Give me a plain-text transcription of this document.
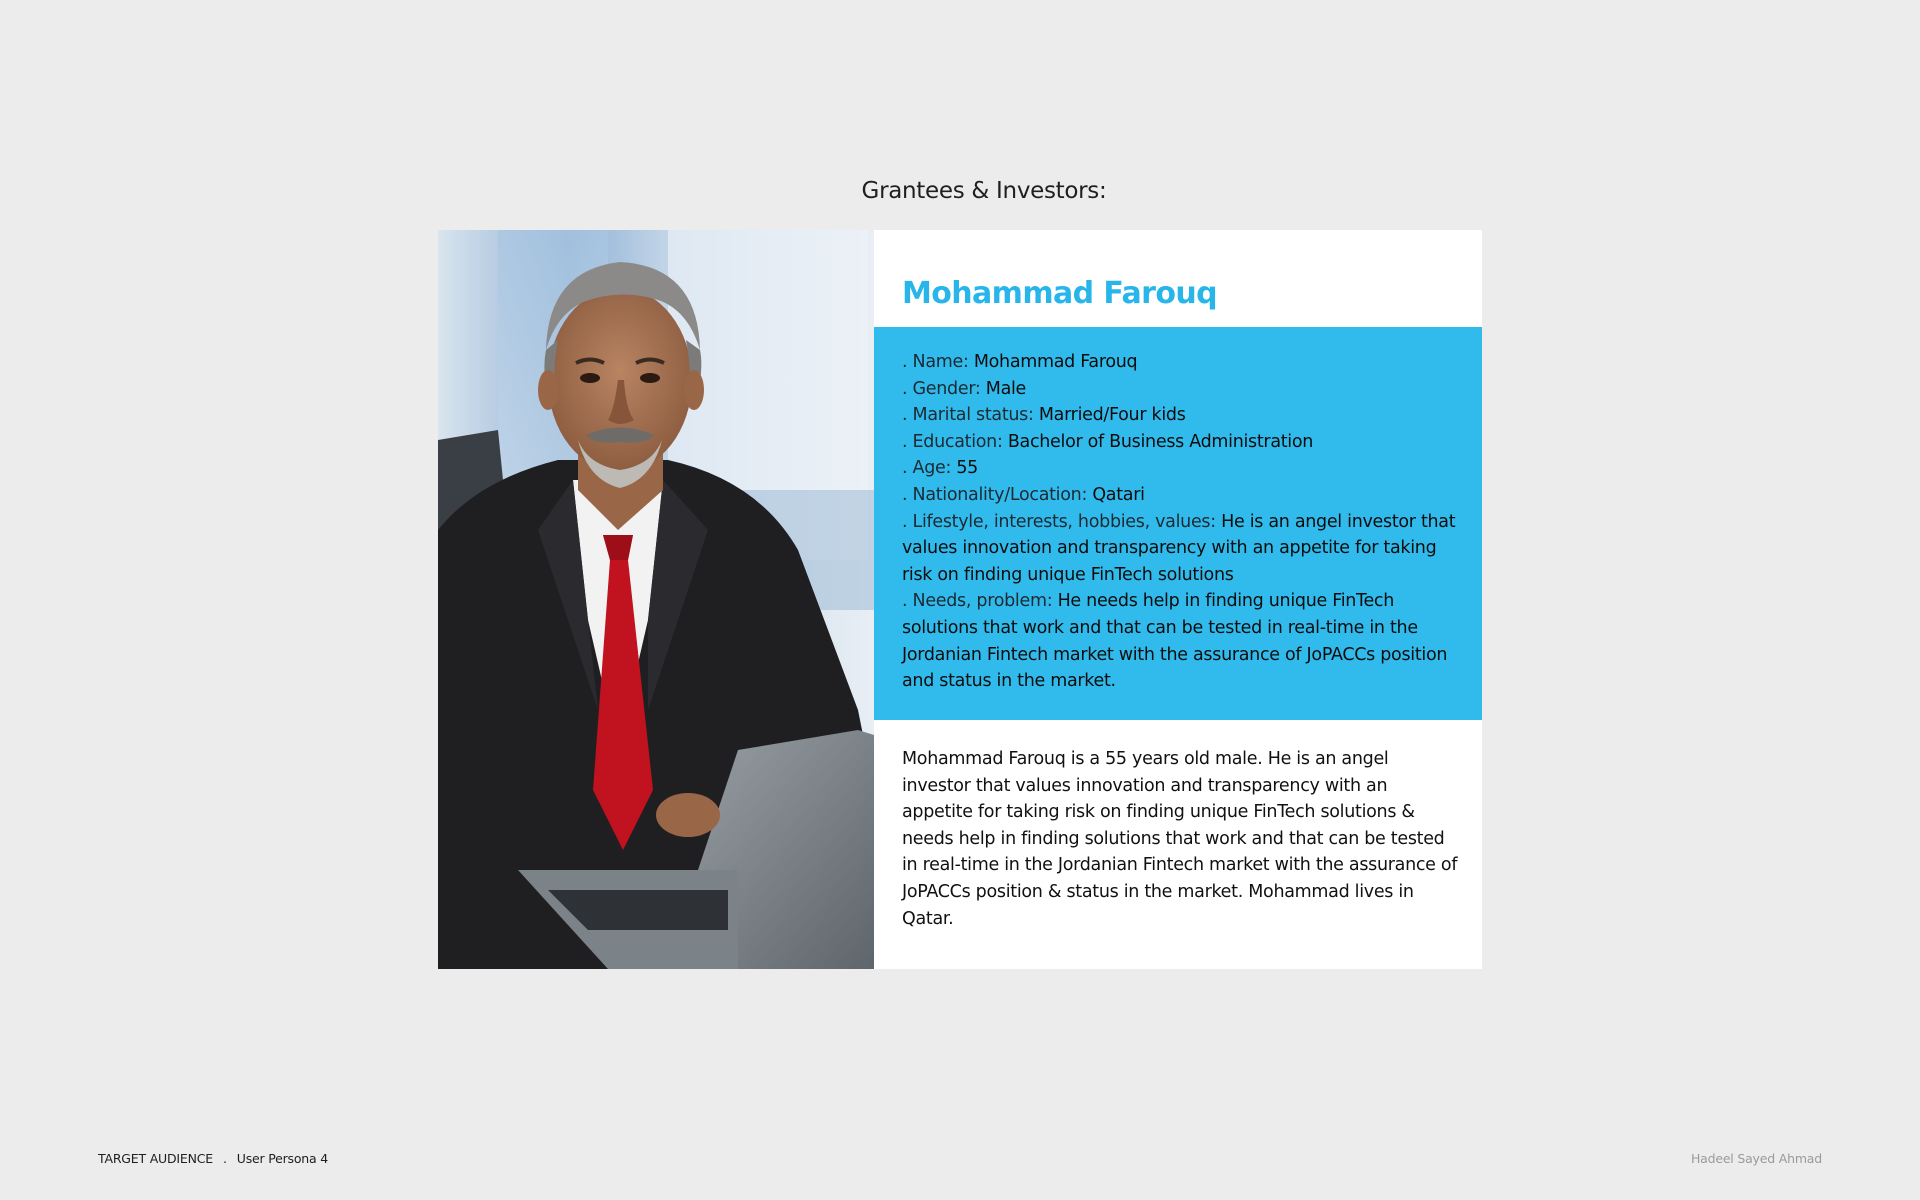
Grantees & Investors:
Mohammad Farouq
. Name: Mohammad Farouq
. Gender: Male
. Marital status: Married/Four kids
. Education: Bachelor of Business Administration
. Age: 55
. Nationality/Location: Qatari
. Lifestyle, interests, hobbies, values: He is an angel investor that values innovation and transparency with an appetite for taking risk on finding unique FinTech solutions
. Needs, problem: He needs help in finding unique FinTech solutions that work and that can be tested in real-time in the Jordanian Fintech market with the assurance of JoPACCs position and status in the market.

Mohammad Farouq is a 55 years old male. He is an angel investor that values innovation and transparency with an appetite for taking risk on finding unique FinTech solutions & needs help in finding solutions that work and that can be tested in real-time in the Jordanian Fintech market with the assurance of JoPACCs position & status in the market. Mohammad lives in Qatar.

TARGET AUDIENCE . User Persona 4	Hadeel Sayed Ahmad
